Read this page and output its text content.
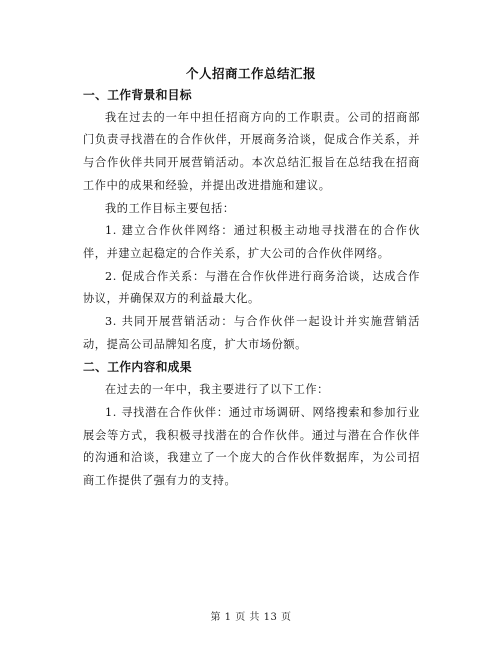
个人招商工作总结汇报
一、工作背景和目标

我在过去的一年中担任招商方向的工作职责。公司的招商部门负责寻找潜在的合作伙伴，开展商务洽谈，促成合作关系，并与合作伙伴共同开展营销活动。本次总结汇报旨在总结我在招商工作中的成果和经验，并提出改进措施和建议。

我的工作目标主要包括：

1. 建立合作伙伴网络：通过积极主动地寻找潜在的合作伙伴，并建立起稳定的合作关系，扩大公司的合作伙伴网络。

2. 促成合作关系：与潜在合作伙伴进行商务洽谈，达成合作协议，并确保双方的利益最大化。

3. 共同开展营销活动：与合作伙伴一起设计并实施营销活动，提高公司品牌知名度，扩大市场份额。

二、工作内容和成果

在过去的一年中，我主要进行了以下工作：

1. 寻找潜在合作伙伴：通过市场调研、网络搜索和参加行业展会等方式，我积极寻找潜在的合作伙伴。通过与潜在合作伙伴的沟通和洽谈，我建立了一个庞大的合作伙伴数据库，为公司招商工作提供了强有力的支持。

第 1 页 共 13 页
